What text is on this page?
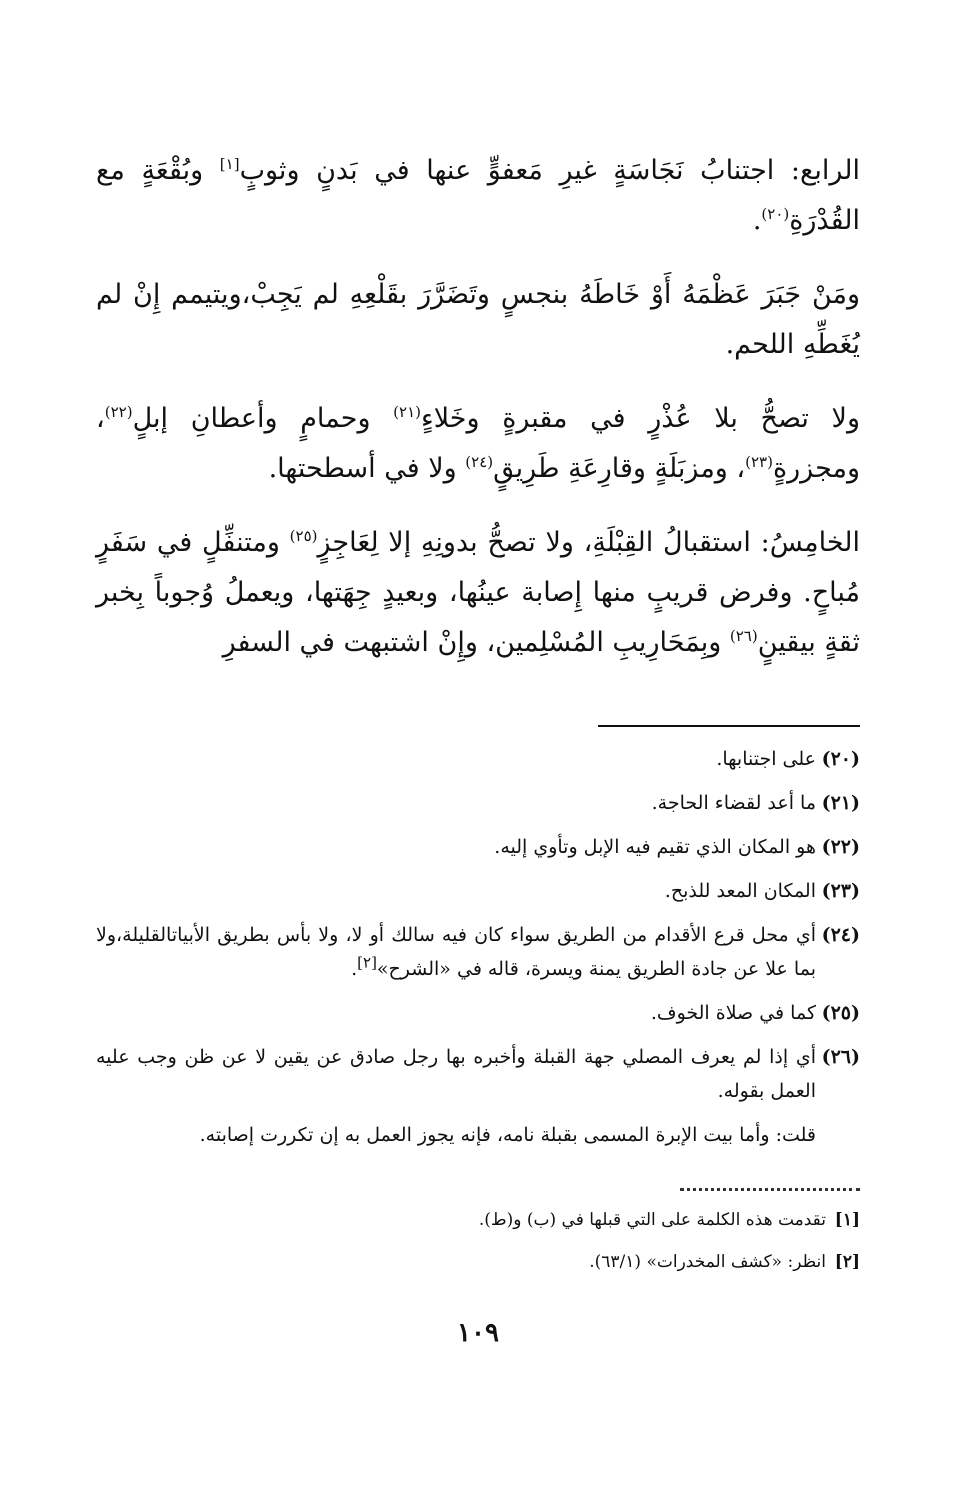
الرابع: اجتنابُ نَجَاسَةٍ غيرِ مَعفوٍّ عنها في بَدنٍ وثوبٍ[١] وبُقْعَةٍ مع القُدْرَةِ$^{(٢٠)}$.

ومَنْ جَبَرَ عَظْمَهُ أَوْ خَاطَهُ بنجسٍ وتَضَرَّرَ بقَلْعِهِ لم يَجِبْ،ويتيمم إِنْ لم يُغَطِّهِ اللحم.

ولا تصحُّ بلا عُذْرٍ في مقبرةٍ وخَلاءٍ$^{(٢١)}$ وحمامٍ وأعطانِ إبلٍ$^{(٢٢)}$، ومجزرةٍ$^{(٢٣)}$، ومزبَلَةٍ وقارِعَةِ طَرِيقٍ$^{(٢٤)}$ ولا في أسطحتها.

الخامِسُ: استقبالُ القِبْلَةِ، ولا تصحُّ بدونِهِ إلا لِعَاجِزٍ$^{(٢٥)}$ ومتنفِّلٍ في سَفَرٍ مُباحٍ. وفرض قريبٍ منها إِصابة عينُها، وبعيدٍ جِهَتها، ويعملُ وُجوباً بِخبر ثقةٍ بيقينٍ$^{(٢٦)}$ وبِمَحَارِيبِ المُسْلِمين، وإِنْ اشتبهت في السفرِ

(٢٠)
على اجتنابها.
(٢١)
ما أعد لقضاء الحاجة.
(٢٢)
هو المكان الذي تقيم فيه الإبل وتأوي إليه.
(٢٣)
المكان المعد للذبح.
(٢٤)
أي محل قرع الأقدام من الطريق سواء كان فيه سالك أو لا، ولا بأس بطريق الأبياتالقليلة،ولا بما علا عن جادة الطريق يمنة ويسرة، قاله في «الشرح»[٢].
(٢٥)
كما في صلاة الخوف.
(٢٦)
أي إذا لم يعرف المصلي جهة القبلة وأخبره بها رجل صادق عن يقين لا عن ظن وجب عليه العمل بقوله.
قلت: وأما بيت الإبرة المسمى بقبلة نامه، فإنه يجوز العمل به إن تكررت إصابته.
[١]
تقدمت هذه الكلمة على التي قبلها في (ب) و(ط).
[٢]
انظر: «كشف المخدرات» (٦٣/١).
١٠٩
